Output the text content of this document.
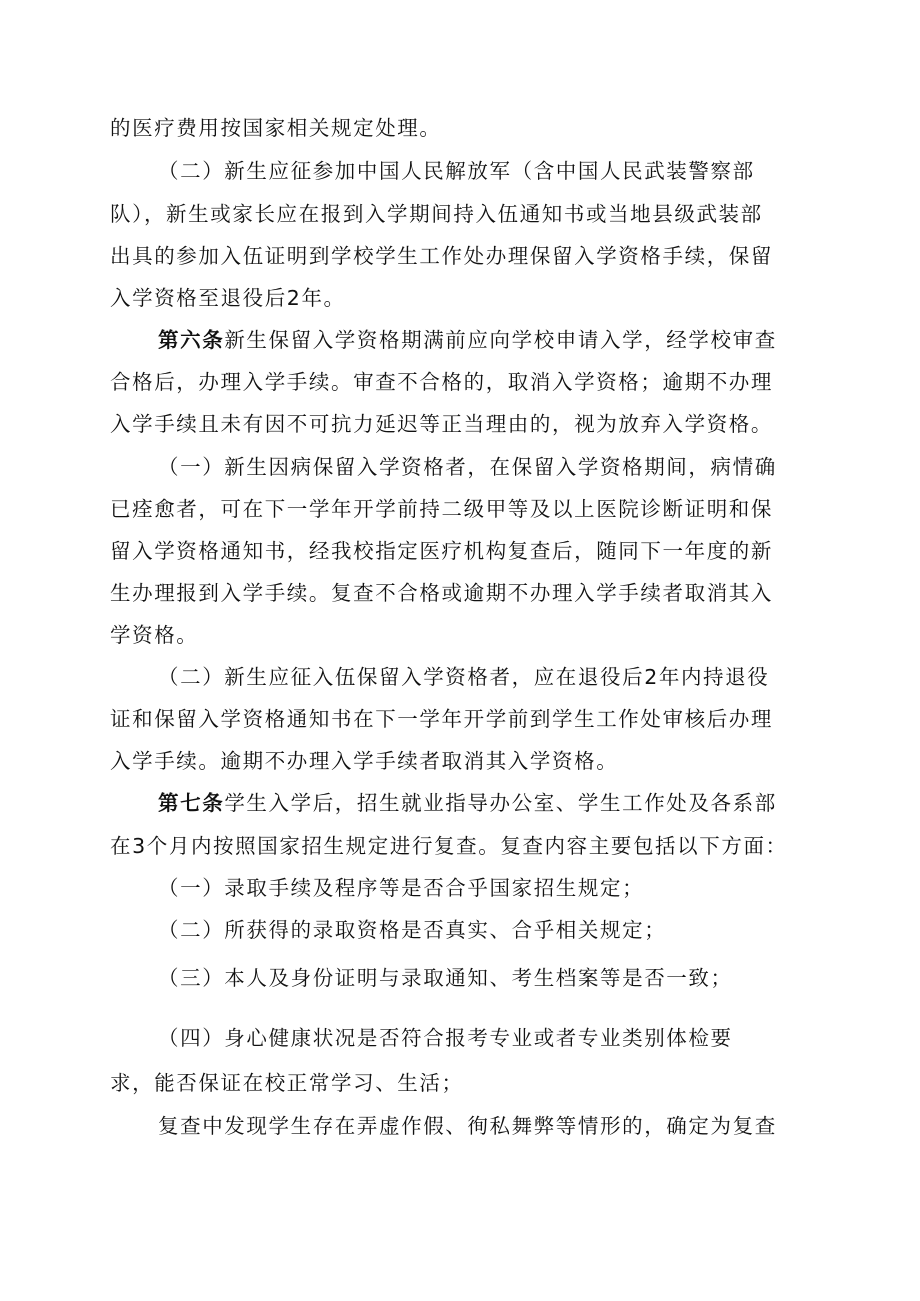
的医疗费用按国家相关规定处理。
（二）新生应征参加中国人民解放军（含中国人民武装警察部
队），新生或家长应在报到入学期间持入伍通知书或当地县级武装部
出具的参加入伍证明到学校学生工作处办理保留入学资格手续，保留
入学资格至退役后2年。
第六条新生保留入学资格期满前应向学校申请入学，经学校审查
合格后，办理入学手续。审查不合格的，取消入学资格；逾期不办理
入学手续且未有因不可抗力延迟等正当理由的，视为放弃入学资格。
（一）新生因病保留入学资格者，在保留入学资格期间，病情确
已痊愈者，可在下一学年开学前持二级甲等及以上医院诊断证明和保
留入学资格通知书，经我校指定医疗机构复查后，随同下一年度的新
生办理报到入学手续。复查不合格或逾期不办理入学手续者取消其入
学资格。
（二）新生应征入伍保留入学资格者，应在退役后2年内持退役
证和保留入学资格通知书在下一学年开学前到学生工作处审核后办理
入学手续。逾期不办理入学手续者取消其入学资格。
第七条学生入学后，招生就业指导办公室、学生工作处及各系部
在3个月内按照国家招生规定进行复查。复查内容主要包括以下方面：
（一）录取手续及程序等是否合乎国家招生规定；
（二）所获得的录取资格是否真实、合乎相关规定；
（三）本人及身份证明与录取通知、考生档案等是否一致；
（四）身心健康状况是否符合报考专业或者专业类别体检要
求，能否保证在校正常学习、生活；
复查中发现学生存在弄虚作假、徇私舞弊等情形的，确定为复查
